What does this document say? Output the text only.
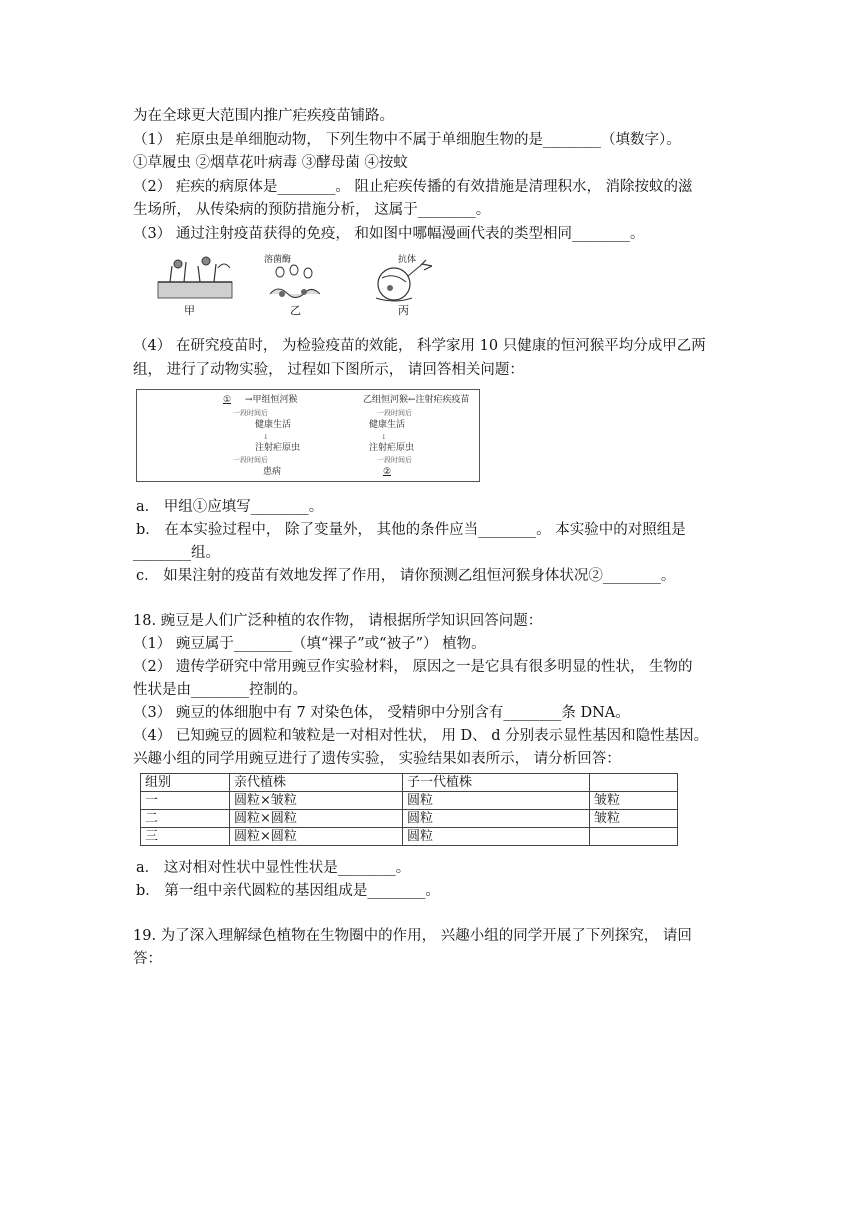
为在全球更大范围内推广疟疾疫苗铺路。
（1） 疟原虫是单细胞动物， 下列生物中不属于单细胞生物的是________（填数字）。
①草履虫 ②烟草花叶病毒 ③酵母菌 ④按蚊
（2） 疟疾的病原体是________。 阻止疟疾传播的有效措施是清理积水， 消除按蚊的滋
生场所， 从传染病的预防措施分析， 这属于________。
（3） 通过注射疫苗获得的免疫， 和如图中哪幅漫画代表的类型相同________。
甲
溶菌酶
乙
抗体
丙
（4） 在研究疫苗时， 为检验疫苗的效能， 科学家用 10 只健康的恒河猴平均分成甲乙两
组， 进行了动物实验， 过程如下图所示， 请回答相关问题：
① →甲组恒河猴
一段时间后
健康生活
↓
注射疟原虫
一段时间后
患病
乙组恒河猴←注射疟疾疫苗
一段时间后
健康生活
↓
注射疟原虫
一段时间后
②
a． 甲组①应填写________。
b． 在本实验过程中， 除了变量外， 其他的条件应当________。 本实验中的对照组是
________组。
c． 如果注射的疫苗有效地发挥了作用， 请你预测乙组恒河猴身体状况②________。
18. 豌豆是人们广泛种植的农作物， 请根据所学知识回答问题：
（1） 豌豆属于________（填“裸子”或“被子”） 植物。
（2） 遗传学研究中常用豌豆作实验材料， 原因之一是它具有很多明显的性状， 生物的
性状是由________控制的。
（3） 豌豆的体细胞中有 7 对染色体， 受精卵中分别含有________条 DNA。
（4） 已知豌豆的圆粒和皱粒是一对相对性状， 用 D、 d 分别表示显性基因和隐性基因。
兴趣小组的同学用豌豆进行了遗传实验， 实验结果如表所示， 请分析回答：
组别	亲代植株	子一代植株	
一	圆粒×皱粒	圆粒	皱粒
二	圆粒×圆粒	圆粒	皱粒
三	圆粒×圆粒	圆粒	
a． 这对相对性状中显性性状是________。
b． 第一组中亲代圆粒的基因组成是________。
19. 为了深入理解绿色植物在生物圈中的作用， 兴趣小组的同学开展了下列探究， 请回
答：
